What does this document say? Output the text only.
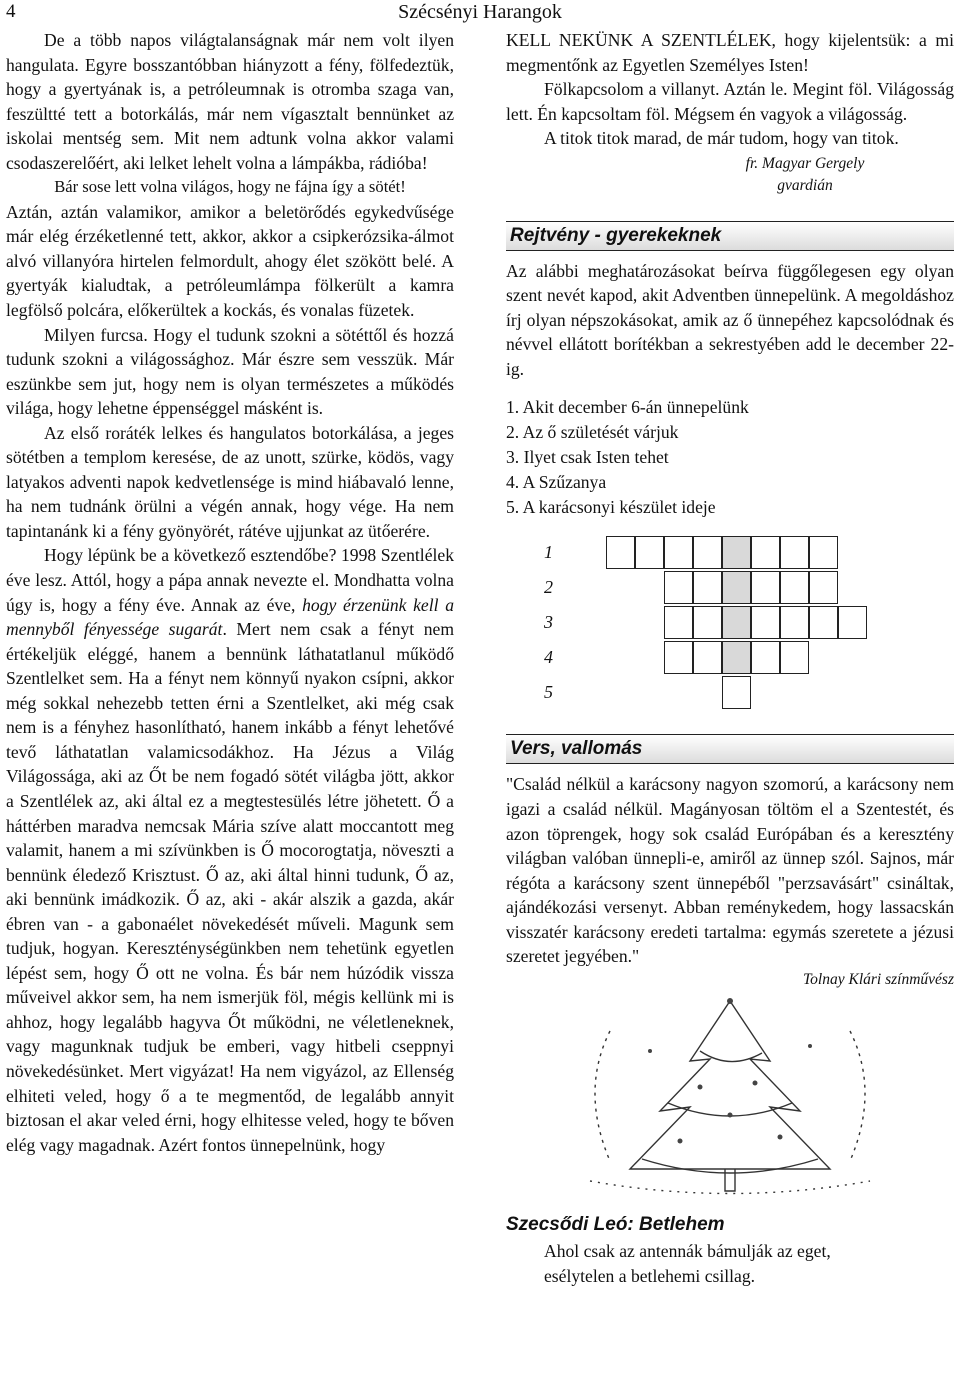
4	Szécsényi Harangok

De a több napos világtalanságnak már nem volt ilyen hangulata. Egyre bosszantóbban hiányzott a fény, fölfedeztük, hogy a gyertyának is, a petróleumnak is otromba szaga van, feszültté tett a botorkálás, már nem vígasztalt bennünket az iskolai mentség sem. Mit nem adtunk volna akkor valami csodaszerelőért, aki lelket lehelt volna a lámpákba, rádióba!

Bár sose lett volna világos, hogy ne fájna így a sötét!

Aztán, aztán valamikor, amikor a beletörődés egykedvűsége már elég érzéketlenné tett, akkor, akkor a csipkerózsika-álmot alvó villanyóra hirtelen felmordult, ahogy élet szökött belé. A gyertyák kialudtak, a petróleumlámpa fölkerült a kamra legfölső polcára, előkerültek a kockás, és vonalas füzetek.

Milyen furcsa. Hogy el tudunk szokni a sötéttől és hozzá tudunk szokni a világossághoz. Már észre sem vesszük. Már eszünkbe sem jut, hogy nem is olyan természetes a működés világa, hogy lehetne éppenséggel másként is.

Az első roráték lelkes és hangulatos botorkálása, a jeges sötétben a templom keresése, de az unott, szürke, ködös, vagy latyakos adventi napok kedvetlensége is mind hiábavaló lenne, ha nem tudnánk örülni a végén annak, hogy vége. Ha nem tapintanánk ki a fény gyönyörét, rátéve ujjunkat az ütőerére.

Hogy lépünk be a következő esztendőbe? 1998 Szentlélek éve lesz. Attól, hogy a pápa annak nevezte el. Mondhatta volna úgy is, hogy a fény éve. Annak az éve, hogy érzenünk kell a mennyből fényessége sugarát. Mert nem csak a fényt nem értékeljük eléggé, hanem a bennünk láthatatlanul működő Szentlelket sem. Ha a fényt nem könnyű nyakon csípni, akkor még sokkal nehezebb tetten érni a Szentlelket, aki még csak nem is a fényhez hasonlítható, hanem inkább a fényt lehetővé tevő láthatatlan valamicsodákhoz. Ha Jézus a Világ Világossága, aki az Őt be nem fogadó sötét világba jött, akkor a Szentlélek az, aki által ez a megtestesülés létre jöhetett. Ő a háttérben maradva nemcsak Mária szíve alatt moccantott meg valamit, hanem a mi szívünkben is Ő mocorogtatja, növeszti a bennünk éledező Krisztust. Ő az, aki által hinni tudunk, Ő az, aki bennünk imádkozik. Ő az, aki - akár alszik a gazda, akár ébren van - a gabonaélet növekedését műveli. Magunk sem tudjuk, hogyan. Kereszténységünkben nem tehetünk egyetlen lépést sem, hogy Ő ott ne volna. És bár nem húzódik vissza műveivel akkor sem, ha nem ismerjük föl, mégis kellünk mi is ahhoz, hogy legalább hagyva Őt működni, ne véletleneknek, vagy magunknak tudjuk be emberi, vagy hitbeli cseppnyi növekedésünket. Mert vigyázat! Ha nem vigyázol, az Ellenség elhiteti veled, hogy ő a te megmentőd, de legalább annyit biztosan el akar veled érni, hogy elhitesse veled, hogy te bőven elég vagy magadnak. Azért fontos ünnepelnünk, hogy

KELL NEKÜNK A SZENTLÉLEK, hogy kijelentsük: a mi megmentőnk az Egyetlen Személyes Isten!

Fölkapcsolom a villanyt. Aztán le. Megint föl. Világosság lett. Én kapcsoltam föl. Mégsem én vagyok a világosság.

A titok titok marad, de már tudom, hogy van titok.

fr. Magyar Gergely

gvardián

Rejtvény - gyerekeknek

Az alábbi meghatározásokat beírva függőlegesen egy olyan szent nevét kapod, akit Adventben ünnepelünk. A megoldáshoz írj olyan népszokásokat, amik az ő ünnepéhez kapcsolódnak és névvel ellátott borítékban a sekrestyében add le december 22-ig.

1. Akit december 6-án ünnepelünk
2. Az ő születését várjuk
3. Ilyet csak Isten tehet
4. A Szűzanya
5. A karácsonyi készület ideje
1
2
3
4
5
Vers, vallomás

"Család nélkül a karácsony nagyon szomorú, a karácsony nem igazi a család nélkül. Magányosan töltöm el a Szentestét, és azon töprengek, hogy sok család Európában és a keresztény világban valóban ünnepli-e, amiről az ünnep szól. Sajnos, már régóta a karácsony szent ünnepéből "perzsavásárt" csináltak, ajándékozási versenyt. Abban reménykedem, hogy lassacskán visszatér karácsony eredeti tartalma: egymás szeretete a jézusi szeretet jegyében."

Tolnay Klári színművész

Szecsődi Leó: Betlehem

Ahol csak az antennák bámulják az eget,

esélytelen a betlehemi csillag.
